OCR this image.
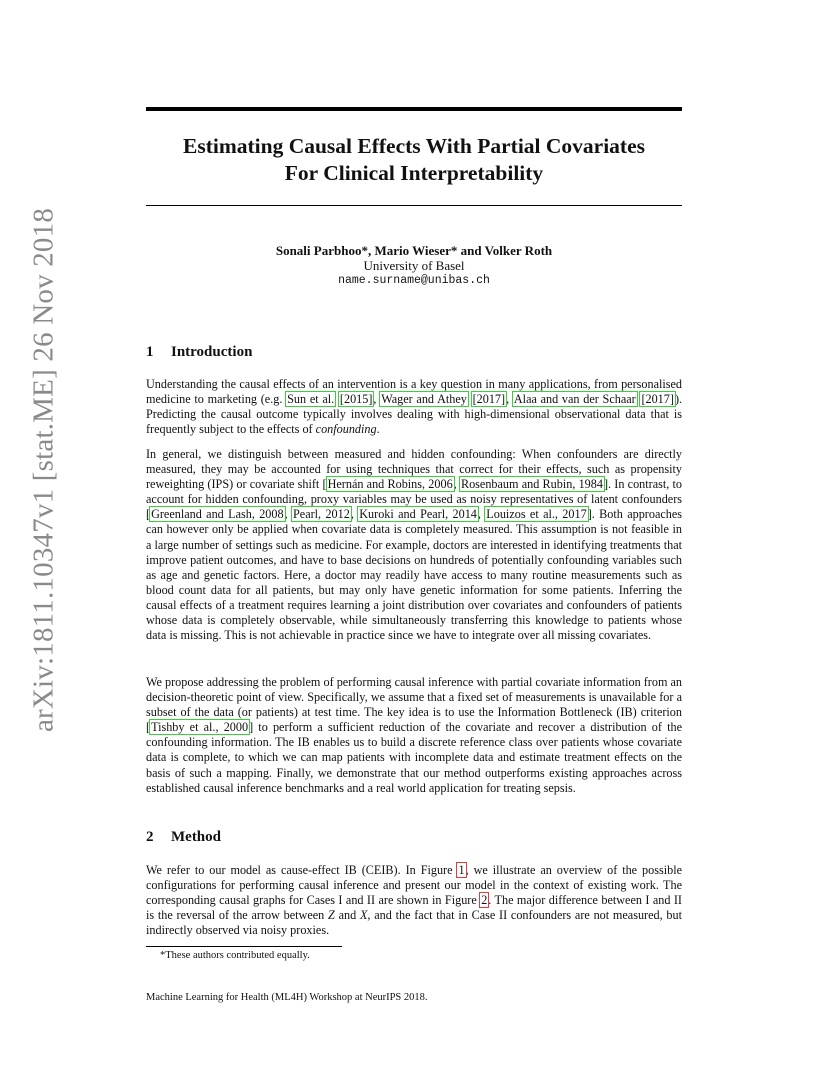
arXiv:1811.10347v1 [stat.ME] 26 Nov 2018
Estimating Causal Effects With Partial Covariates
For Clinical Interpretability
Sonali Parbhoo*, Mario Wieser* and Volker Roth
University of Basel
name.surname@unibas.ch
1 Introduction

Understanding the causal effects of an intervention is a key question in many applications, from personalised medicine to marketing (e.g. Sun et al. [2015], Wager and Athey [2017], Alaa and van der Schaar [2017]). Predicting the causal outcome typically involves dealing with high-dimensional observational data that is frequently subject to the effects of confounding.

In general, we distinguish between measured and hidden confounding: When confounders are directly measured, they may be accounted for using techniques that correct for their effects, such as propensity reweighting (IPS) or covariate shift [Hernán and Robins, 2006, Rosenbaum and Rubin, 1984]. In contrast, to account for hidden confounding, proxy variables may be used as noisy representatives of latent confounders [Greenland and Lash, 2008, Pearl, 2012, Kuroki and Pearl, 2014, Louizos et al., 2017]. Both approaches can however only be applied when covariate data is completely measured. This assumption is not feasible in a large number of settings such as medicine. For example, doctors are interested in identifying treatments that improve patient outcomes, and have to base decisions on hundreds of potentially confounding variables such as age and genetic factors. Here, a doctor may readily have access to many routine measurements such as blood count data for all patients, but may only have genetic information for some patients. Inferring the causal effects of a treatment requires learning a joint distribution over covariates and confounders of patients whose data is completely observable, while simultaneously transferring this knowledge to patients whose data is missing. This is not achievable in practice since we have to integrate over all missing covariates.

We propose addressing the problem of performing causal inference with partial covariate information from an decision-theoretic point of view. Specifically, we assume that a fixed set of measurements is unavailable for a subset of the data (or patients) at test time. The key idea is to use the Information Bottleneck (IB) criterion [Tishby et al., 2000] to perform a sufficient reduction of the covariate and recover a distribution of the confounding information. The IB enables us to build a discrete reference class over patients whose covariate data is complete, to which we can map patients with incomplete data and estimate treatment effects on the basis of such a mapping. Finally, we demonstrate that our method outperforms existing approaches across established causal inference benchmarks and a real world application for treating sepsis.

2 Method

We refer to our model as cause-effect IB (CEIB). In Figure 1, we illustrate an overview of the possible configurations for performing causal inference and present our model in the context of existing work. The corresponding causal graphs for Cases I and II are shown in Figure 2. The major difference between I and II is the reversal of the arrow between Z and X, and the fact that in Case II confounders are not measured, but indirectly observed via noisy proxies.

*These authors contributed equally.
Machine Learning for Health (ML4H) Workshop at NeurIPS 2018.
